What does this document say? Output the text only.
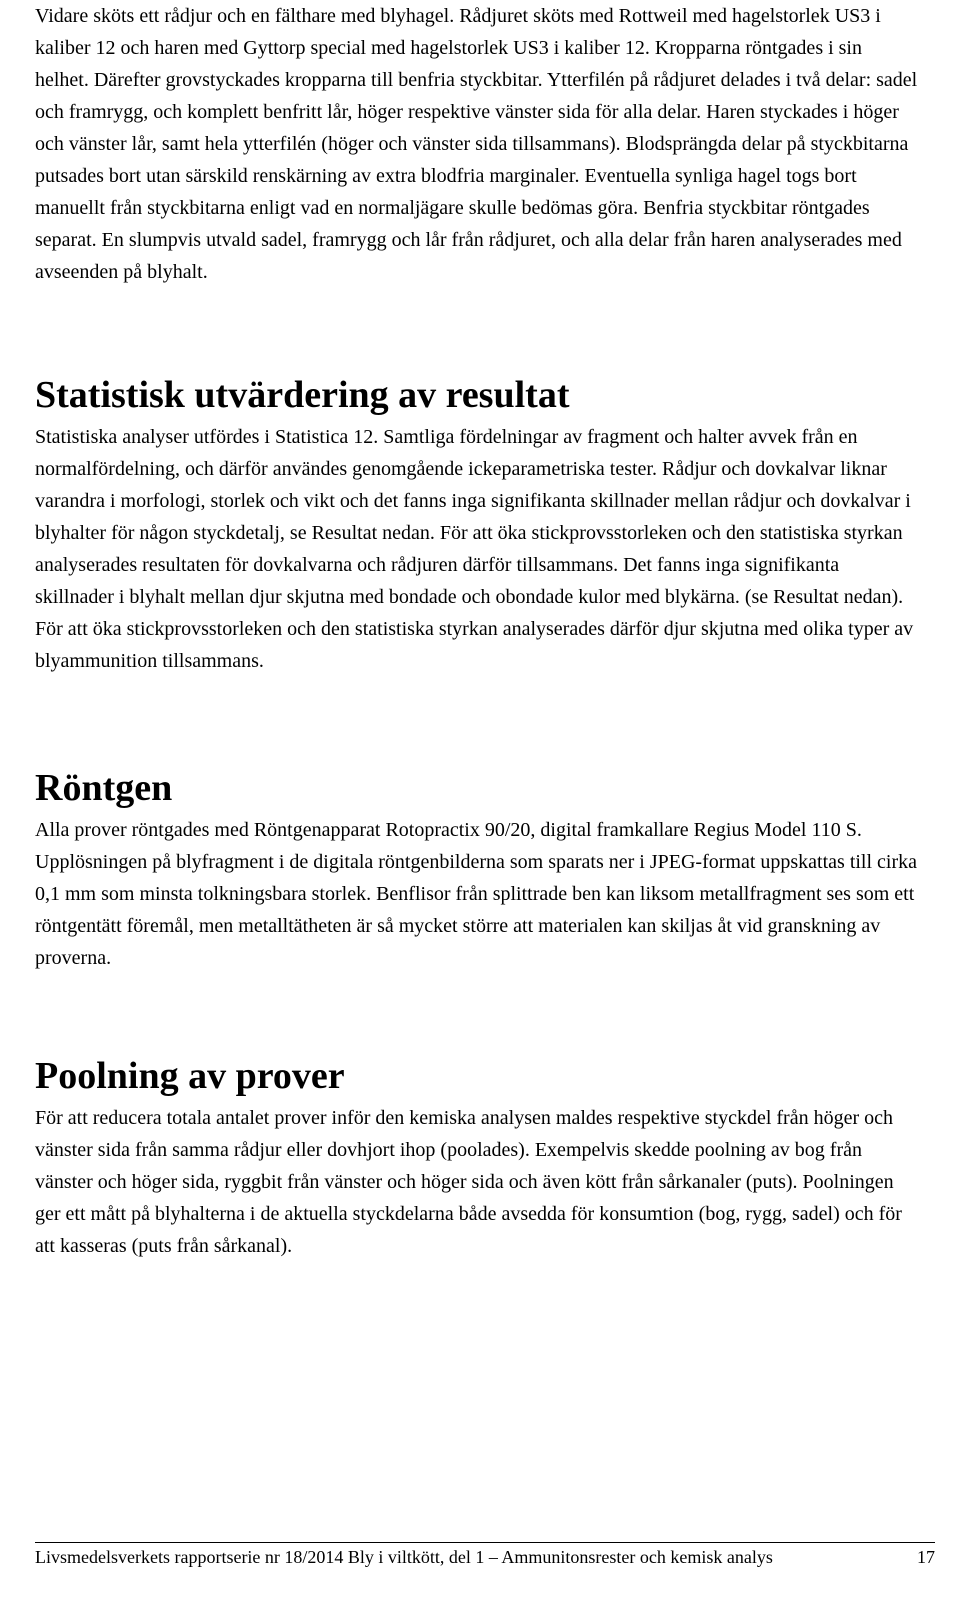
Vidare sköts ett rådjur och en fälthare med blyhagel. Rådjuret sköts med Rottweil med hagelstorlek US3 i kaliber 12 och haren med Gyttorp special med hagelstorlek US3 i kaliber 12. Kropparna röntgades i sin helhet. Därefter grovstyckades kropparna till benfria styckbitar. Ytterfilén på rådjuret delades i två delar: sadel och framrygg, och komplett benfritt lår, höger respektive vänster sida för alla delar. Haren styckades i höger och vänster lår, samt hela ytterfilén (höger och vänster sida tillsammans). Blodsprängda delar på styckbitarna putsades bort utan särskild renskärning av extra blodfria marginaler. Eventuella synliga hagel togs bort manuellt från styckbitarna enligt vad en normaljägare skulle bedömas göra. Benfria styckbitar röntgades separat. En slumpvis utvald sadel, framrygg och lår från rådjuret, och alla delar från haren analyserades med avseenden på blyhalt.

Statistisk utvärdering av resultat

Statistiska analyser utfördes i Statistica 12. Samtliga fördelningar av fragment och halter avvek från en normalfördelning, och därför användes genomgående ickeparametriska tester. Rådjur och dovkalvar liknar varandra i morfologi, storlek och vikt och det fanns inga signifikanta skillnader mellan rådjur och dovkalvar i blyhalter för någon styckdetalj, se Resultat nedan. För att öka stickprovsstorleken och den statistiska styrkan analyserades resultaten för dovkalvarna och rådjuren därför tillsammans. Det fanns inga signifikanta skillnader i blyhalt mellan djur skjutna med bondade och obondade kulor med blykärna. (se Resultat nedan). För att öka stickprovsstorleken och den statistiska styrkan analyserades därför djur skjutna med olika typer av blyammunition tillsammans.

Röntgen

Alla prover röntgades med Röntgenapparat Rotopractix 90/20, digital framkallare Regius Model 110 S. Upplösningen på blyfragment i de digitala röntgenbilderna som sparats ner i JPEG-format uppskattas till cirka 0,1 mm som minsta tolkningsbara storlek. Benflisor från splittrade ben kan liksom metallfragment ses som ett röntgentätt föremål, men metalltätheten är så mycket större att materialen kan skiljas åt vid granskning av proverna.

Poolning av prover

För att reducera totala antalet prover inför den kemiska analysen maldes respektive styckdel från höger och vänster sida från samma rådjur eller dovhjort ihop (poolades). Exempelvis skedde poolning av bog från vänster och höger sida, ryggbit från vänster och höger sida och även kött från sårkanaler (puts). Poolningen ger ett mått på blyhalterna i de aktuella styckdelarna både avsedda för konsumtion (bog, rygg, sadel) och för att kasseras (puts från sårkanal).

Livsmedelsverkets rapportserie nr 18/2014 Bly i viltkött, del 1 – Ammunitonsrester och kemisk analys	17
